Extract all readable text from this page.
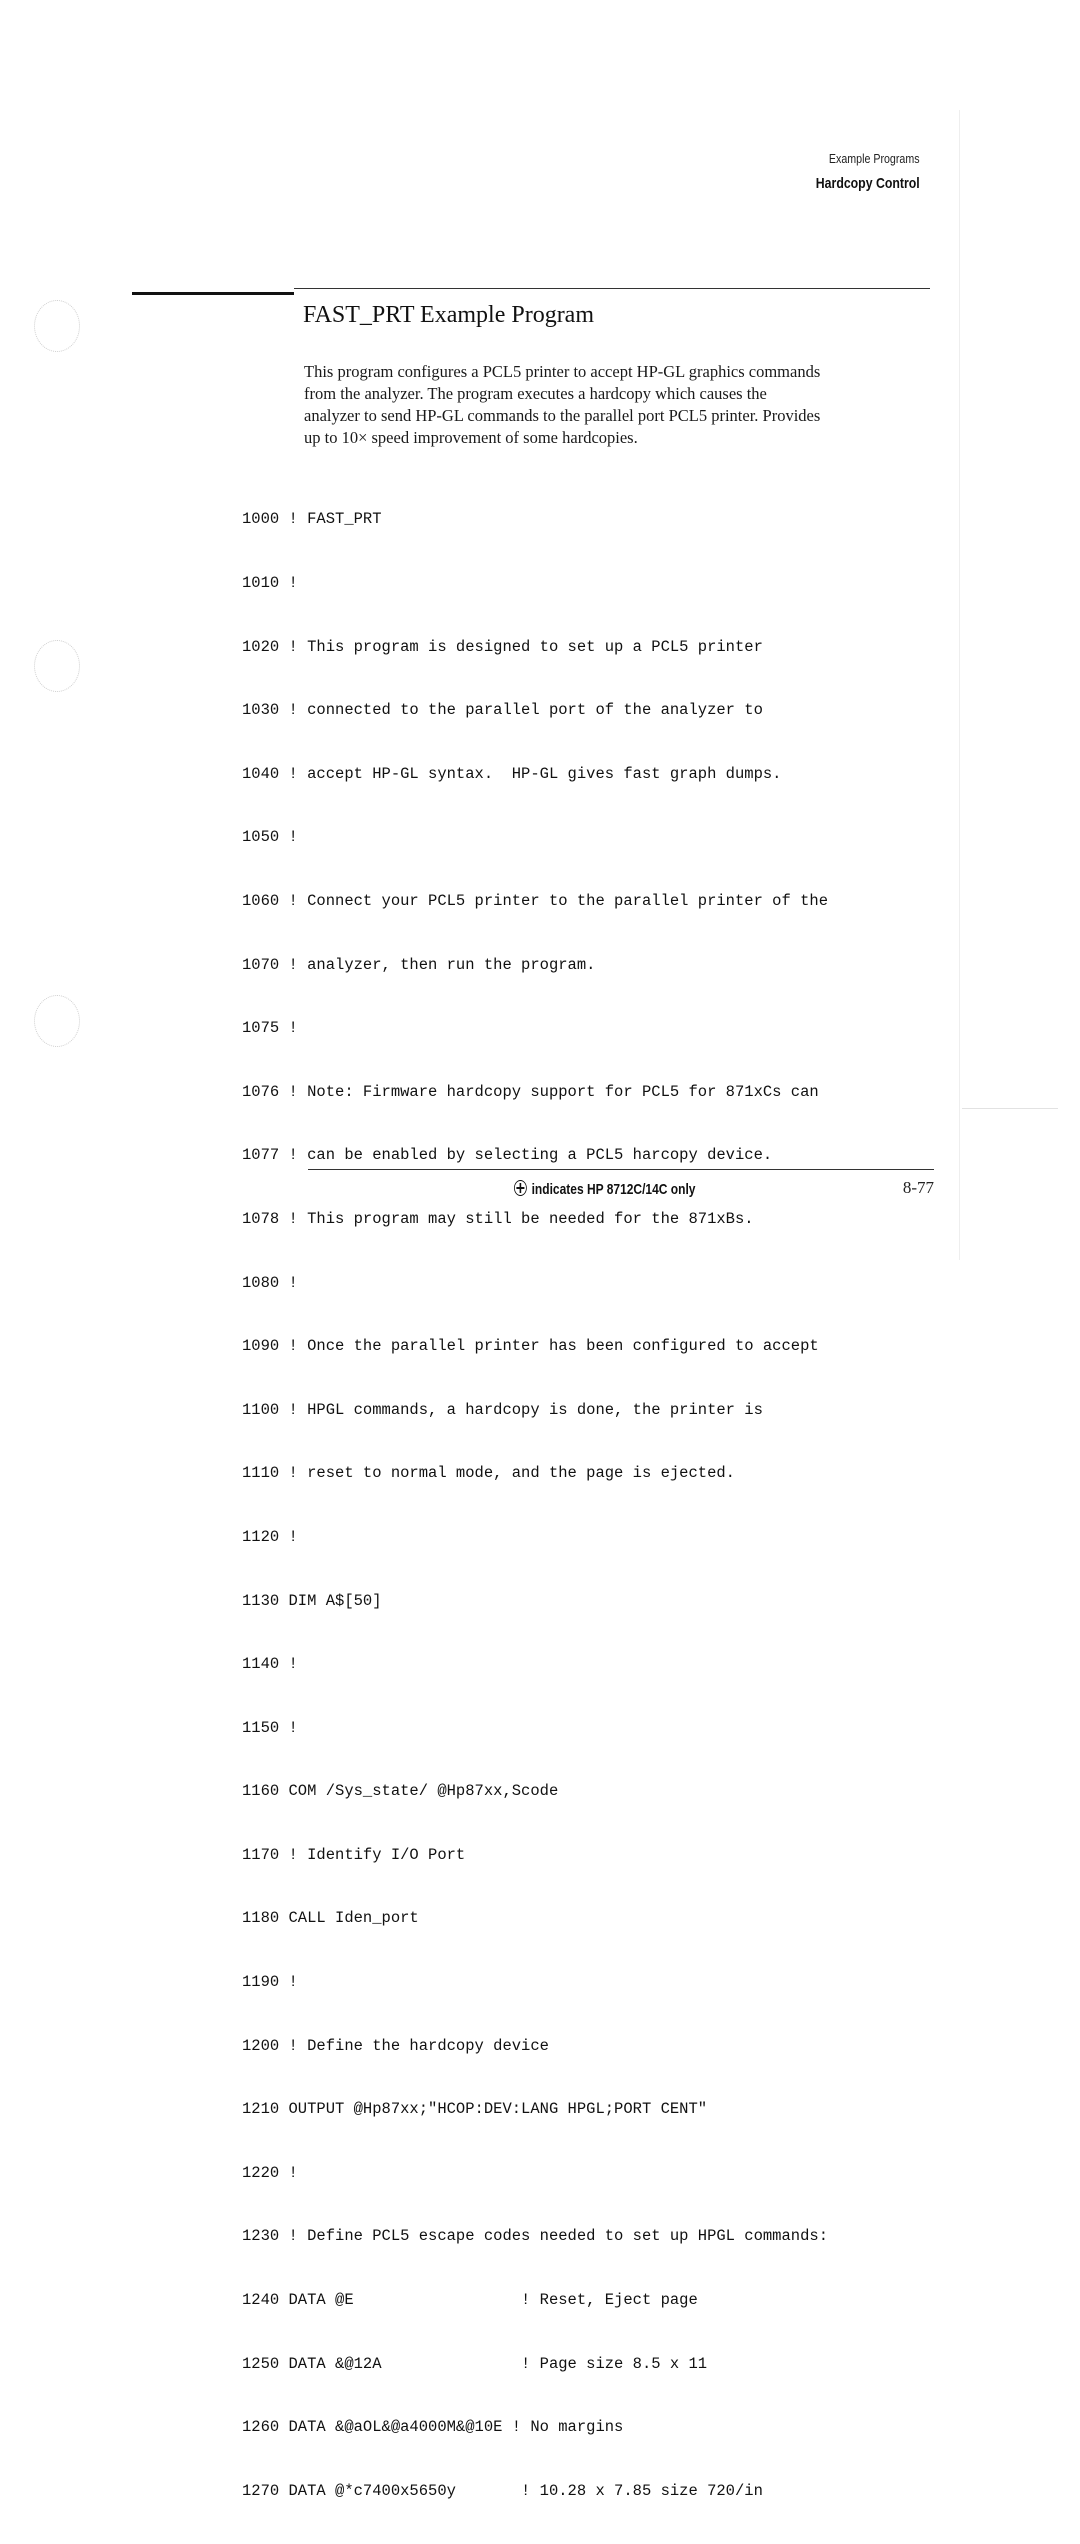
Example Programs
Hardcopy Control
FAST_PRT Example Program
This program configures a PCL5 printer to accept HP-GL graphics commands
from the analyzer. The program executes a hardcopy which causes the
analyzer to send HP-GL commands to the parallel port PCL5 printer. Provides
up to 10× speed improvement of some hardcopies.

1000 ! FAST_PRT

1010 !

1020 ! This program is designed to set up a PCL5 printer

1030 ! connected to the parallel port of the analyzer to

1040 ! accept HP-GL syntax.  HP-GL gives fast graph dumps.

1050 !

1060 ! Connect your PCL5 printer to the parallel printer of the

1070 ! analyzer, then run the program.

1075 !

1076 ! Note: Firmware hardcopy support for PCL5 for 871xCs can

1077 ! can be enabled by selecting a PCL5 harcopy device.

1078 ! This program may still be needed for the 871xBs.

1080 !

1090 ! Once the parallel printer has been configured to accept

1100 ! HPGL commands, a hardcopy is done, the printer is

1110 ! reset to normal mode, and the page is ejected.

1120 !

1130 DIM A$[50]

1140 !

1150 !

1160 COM /Sys_state/ @Hp87xx,Scode

1170 ! Identify I/O Port

1180 CALL Iden_port

1190 !

1200 ! Define the hardcopy device

1210 OUTPUT @Hp87xx;"HCOP:DEV:LANG HPGL;PORT CENT"

1220 !

1230 ! Define PCL5 escape codes needed to set up HPGL commands:

1240 DATA @E                  ! Reset, Eject page

1250 DATA &@12A               ! Page size 8.5 x 11

1260 DATA &@aOL&@a4000M&@10E ! No margins

1270 DATA @*c7400x5650y       ! 10.28 x 7.85 size 720/in

indicates HP 8712C/14C only	8-77
